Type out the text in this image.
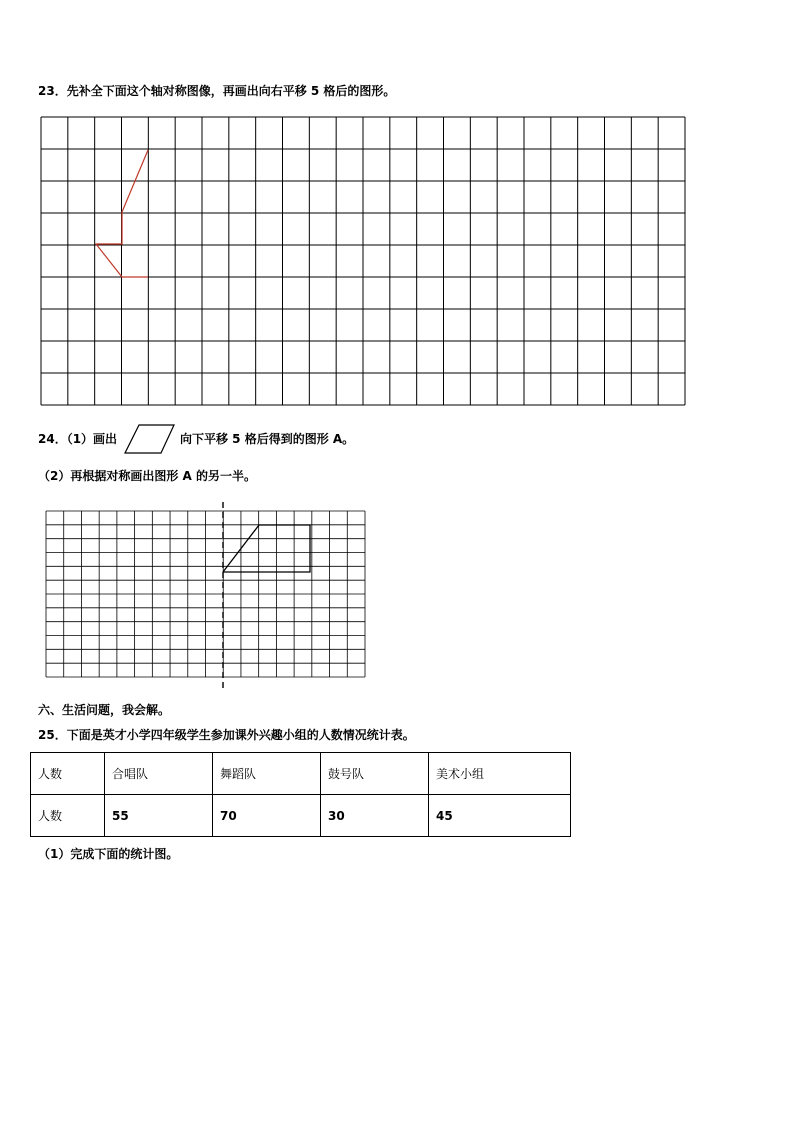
23．先补全下面这个轴对称图像，再画出向右平移 5 格后的图形。
24．（1）画出	向下平移 5 格后得到的图形 A。
（2）再根据对称画出图形 A 的另一半。
六、生活问题，我会解。
25．下面是英才小学四年级学生参加课外兴趣小组的人数情况统计表。
人数	合唱队	舞蹈队	鼓号队	美术小组
人数	55	70	30	45
（1）完成下面的统计图。
